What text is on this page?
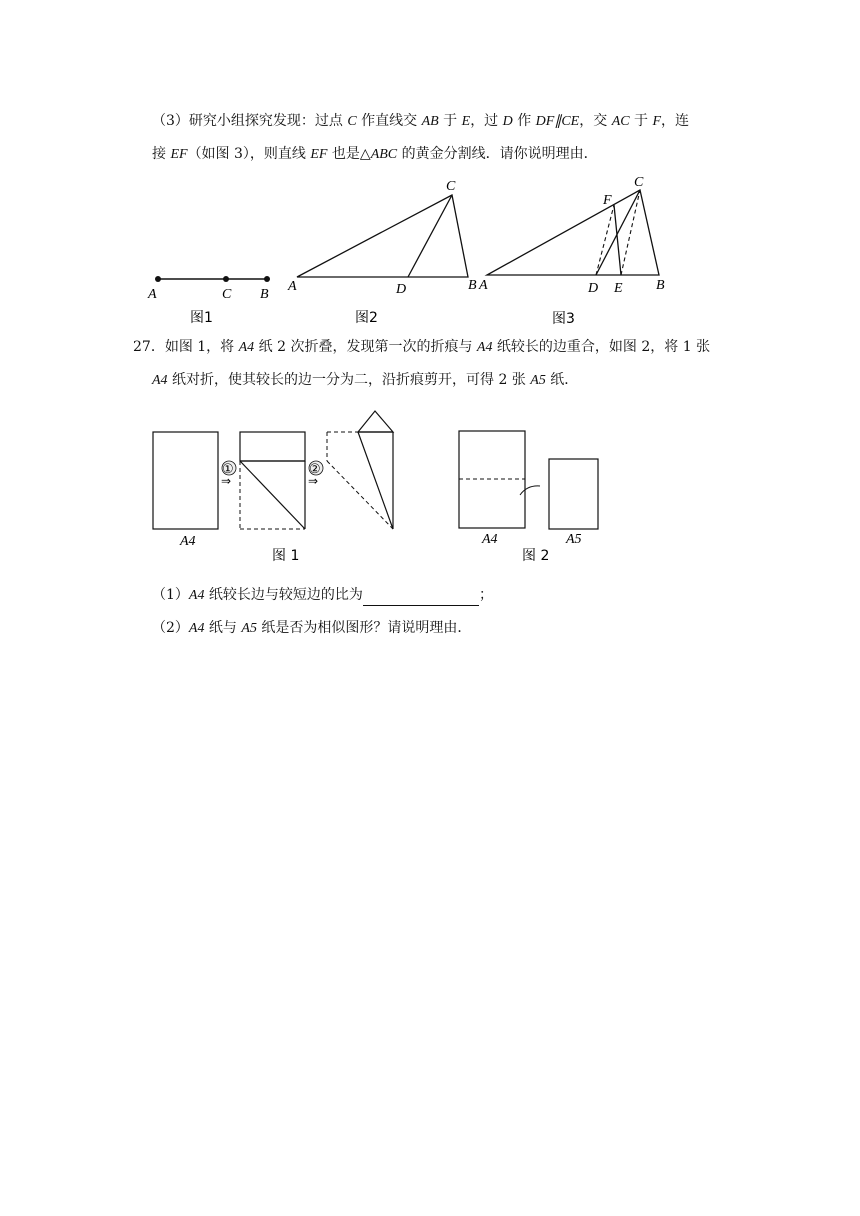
（3）研究小组探究发现：过点 C 作直线交 AB 于 E，过 D 作 DF∥CE，交 AC 于 F，连
接 EF（如图 3），则直线 EF 也是△ABC 的黄金分割线．请你说明理由．
A	C B
图1
A	D	B
C
图2
A	D E B
C
F
图3
27．如图 1，将 A4 纸 2 次折叠，发现第一次的折痕与 A4 纸较长的边重合，如图 2，将 1 张
A4 纸对折，使其较长的边一分为二，沿折痕剪开，可得 2 张 A5 纸．
A4
①
⇒
②
⇒
图 1
A4	A5
图 2
（1）A4 纸较长边与较短边的比为	；
（2）A4 纸与 A5 纸是否为相似图形？请说明理由．
